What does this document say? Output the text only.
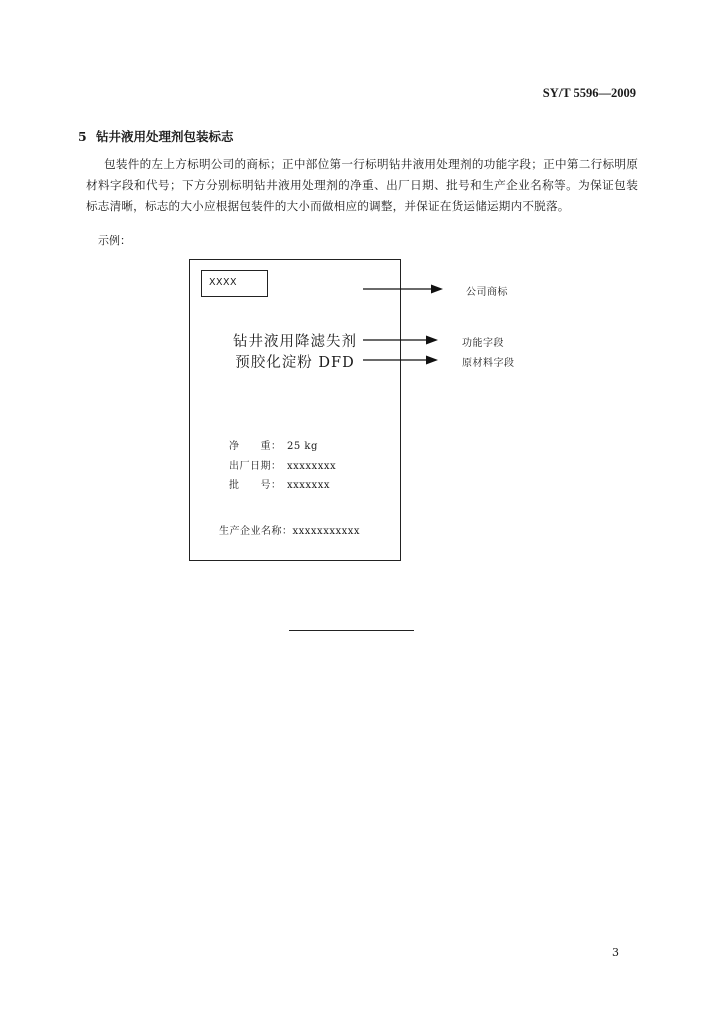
SY/T 5596—2009
5 钻井液用处理剂包装标志

包装件的左上方标明公司的商标；正中部位第一行标明钻井液用处理剂的功能字段；正中第二行标明原材料字段和代号；下方分别标明钻井液用处理剂的净重、出厂日期、批号和生产企业名称等。为保证包装标志清晰，标志的大小应根据包装件的大小而做相应的调整，并保证在货运储运期内不脱落。

示例：
XXXX
钻井液用降滤失剂
预胶化淀粉 DFD
净　　重： 25 kg
出厂日期： xxxxxxxx
批　　号： xxxxxxx
生产企业名称：xxxxxxxxxxx
公司商标
功能字段
原材料字段
3
